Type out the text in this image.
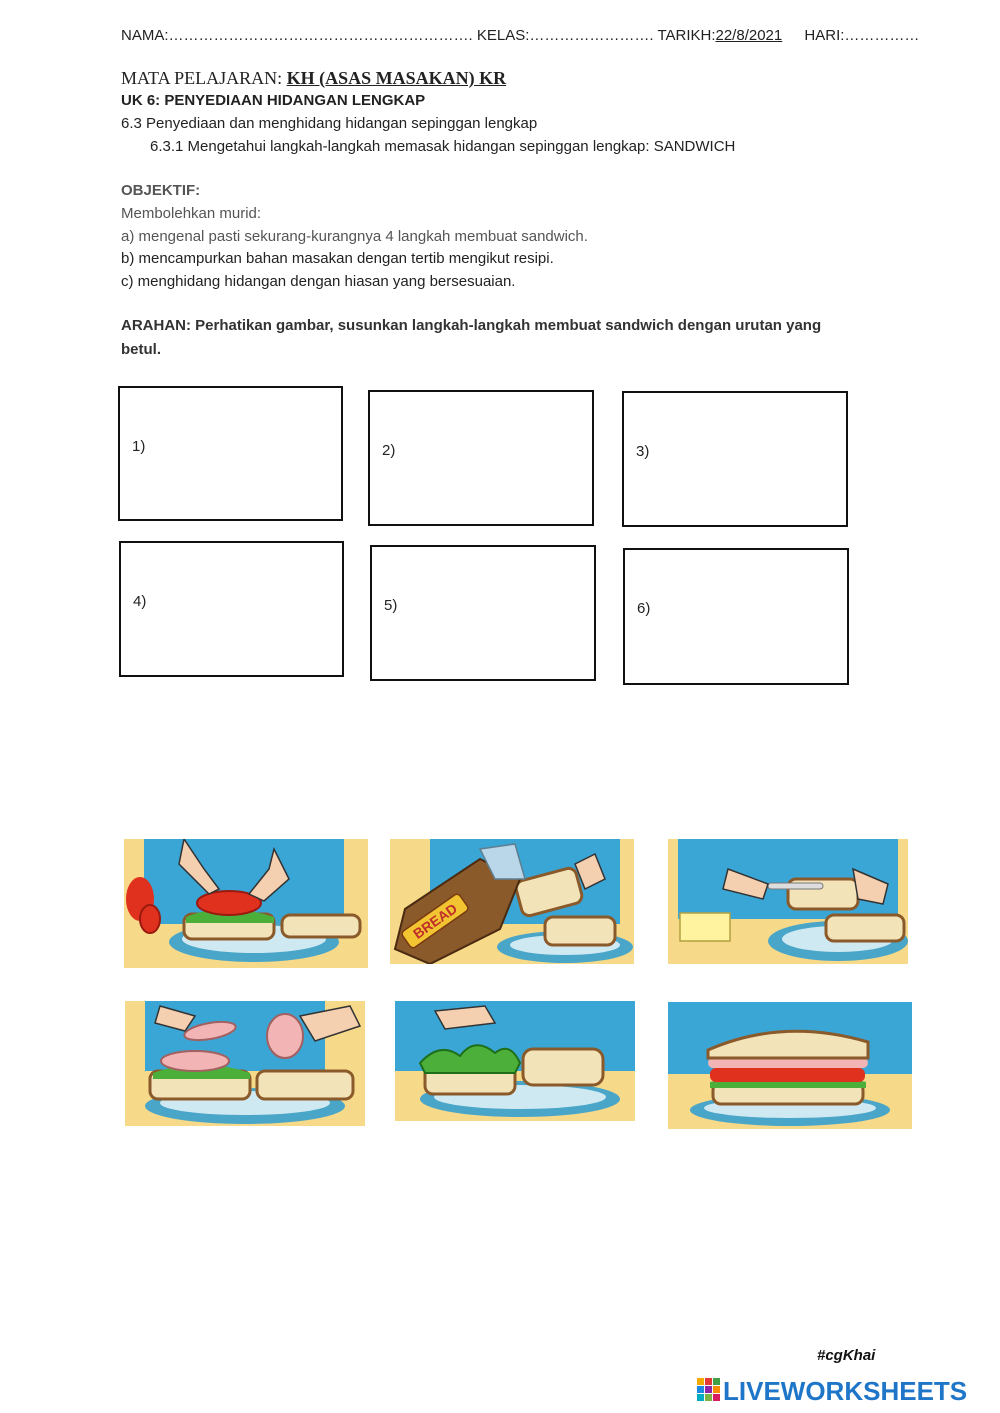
NAMA:……………………………………………………. KELAS:……………………. TARIKH:22/8/2021 HARI:……………
MATA PELAJARAN: KH (ASAS MASAKAN) KR
UK 6: PENYEDIAAN HIDANGAN LENGKAP
6.3 Penyediaan dan menghidang hidangan sepinggan lengkap
6.3.1 Mengetahui langkah-langkah memasak hidangan sepinggan lengkap: SANDWICH
OBJEKTIF:
Membolehkan murid:
a) mengenal pasti sekurang-kurangnya 4 langkah membuat sandwich.
b) mencampurkan bahan masakan dengan tertib mengikut resipi.
c) menghidang hidangan dengan hiasan yang bersesuaian.
ARAHAN: Perhatikan gambar, susunkan langkah-langkah membuat sandwich dengan urutan yang
betul.
1)	2)	3)
4)	5)	6)
BREAD
#cgKhai
LIVEWORKSHEETS
